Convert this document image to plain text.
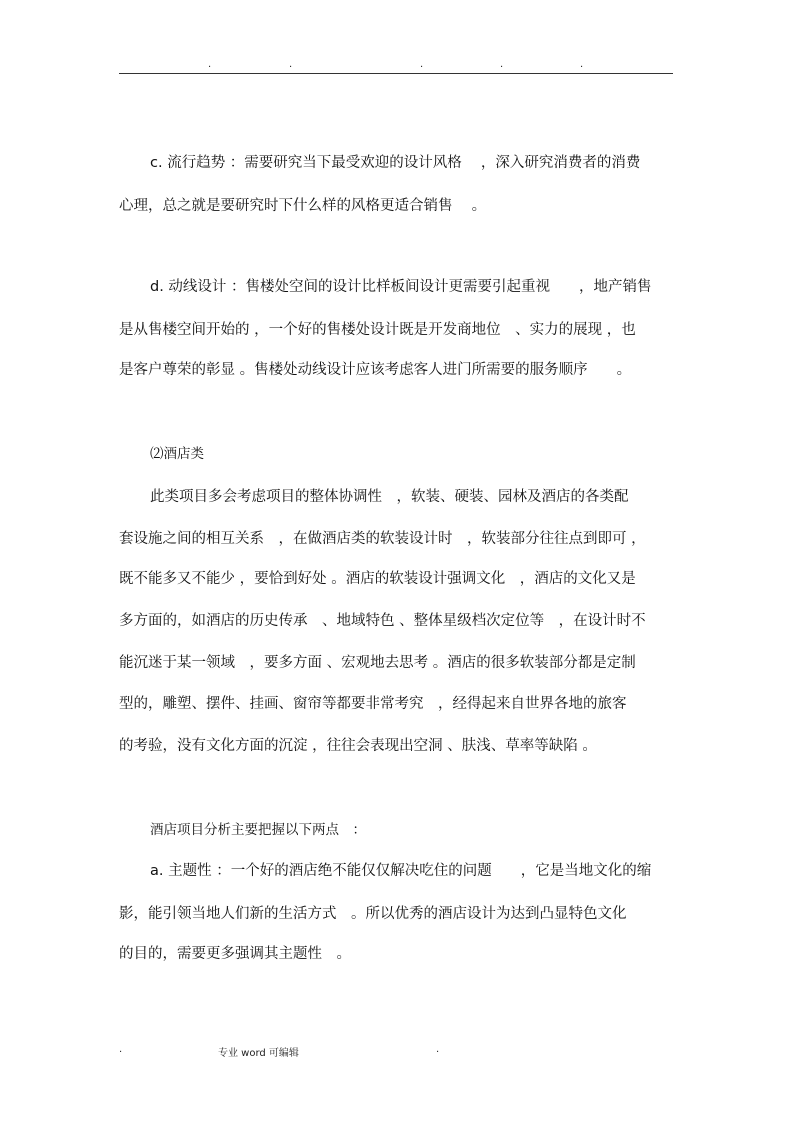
.	.	.	.	.
c. 流行趋势 ：需要研究当下最受欢迎的设计风格　 ，深入研究消费者的消费
心理，总之就是要研究时下什么样的风格更适合销售　 。
d. 动线设计 ：售楼处空间的设计比样板间设计更需要引起重视　　，地产销售
是从售楼空间开始的 ，一个好的售楼处设计既是开发商地位　、实力的展现 ，也
是客户尊荣的彰显 。售楼处动线设计应该考虑客人进门所需要的服务顺序　　。
⑵酒店类
此类项目多会考虑项目的整体协调性　，软装、硬装、园林及酒店的各类配
套设施之间的相互关系　，在做酒店类的软装设计时　，软装部分往往点到即可 ，
既不能多又不能少 ，要恰到好处 。酒店的软装设计强调文化　，酒店的文化又是
多方面的，如酒店的历史传承　、地域特色 、整体星级档次定位等　，在设计时不
能沉迷于某一领域　，要多方面 、宏观地去思考 。酒店的很多软装部分都是定制
型的，雕塑、摆件、挂画、窗帘等都要非常考究　，经得起来自世界各地的旅客
的考验，没有文化方面的沉淀 ，往往会表现出空洞 、肤浅、草率等缺陷 。
酒店项目分析主要把握以下两点　：
a. 主题性 ：一个好的酒店绝不能仅仅解决吃住的问题　　，它是当地文化的缩
影，能引领当地人们新的生活方式　。所以优秀的酒店设计为达到凸显特色文化
的目的，需要更多强调其主题性　。
.	专业 word 可编辑	.
